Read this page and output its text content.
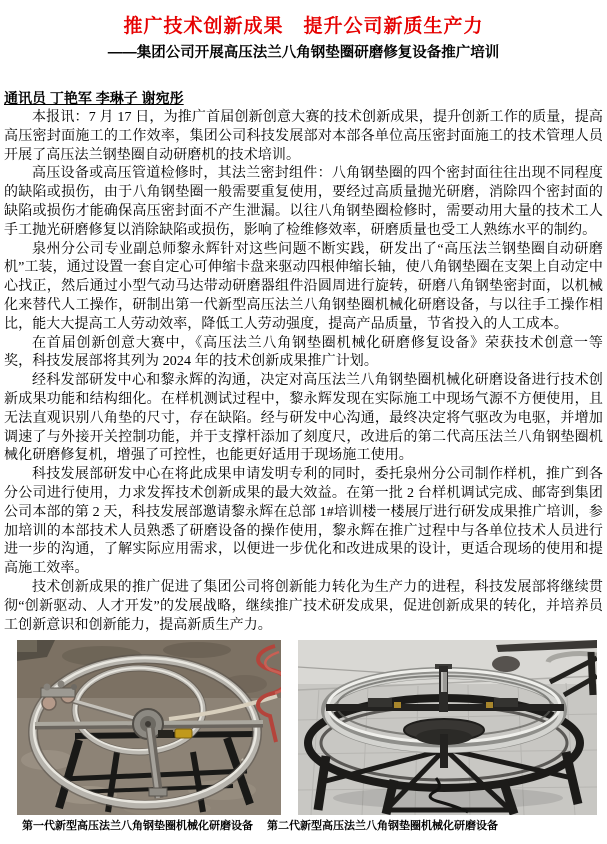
推广技术创新成果　提升公司新质生产力
——集团公司开展高压法兰八角钢垫圈研磨修复设备推广培训
通讯员 丁艳军 李琳子 谢宛彤

本报讯：7 月 17 日，为推广首届创新创意大赛的技术创新成果，提升创新工作的质量，提高高压密封面施工的工作效率，集团公司科技发展部对本部各单位高压密封面施工的技术管理人员开展了高压法兰钢垫圈自动研磨机的技术培训。

高压设备或高压管道检修时，其法兰密封组件：八角钢垫圈的四个密封面往往出现不同程度的缺陷或损伤，由于八角钢垫圈一般需要重复使用，要经过高质量抛光研磨，消除四个密封面的缺陷或损伤才能确保高压密封面不产生泄漏。以往八角钢垫圈检修时，需要动用大量的技术工人手工抛光研磨修复以消除缺陷或损伤，影响了检维修效率，研磨质量也受工人熟练水平的制约。

泉州分公司专业副总师黎永辉针对这些问题不断实践，研发出了“高压法兰钢垫圈自动研磨机”工装，通过设置一套自定心可伸缩卡盘来驱动四根伸缩长轴，使八角钢垫圈在支架上自动定中心找正，然后通过小型气动马达带动研磨器组件沿圆周进行旋转，研磨八角钢垫密封面，以机械化来替代人工操作，研制出第一代新型高压法兰八角钢垫圈机械化研磨设备，与以往手工操作相比，能大大提高工人劳动效率，降低工人劳动强度，提高产品质量，节省投入的人工成本。

在首届创新创意大赛中，《高压法兰八角钢垫圈机械化研磨修复设备》荣获技术创意一等奖，科技发展部将其列为 2024 年的技术创新成果推广计划。

经科发部研发中心和黎永辉的沟通，决定对高压法兰八角钢垫圈机械化研磨设备进行技术创新成果功能和结构细化。在样机测试过程中，黎永辉发现在实际施工中现场气源不方便使用，且无法直观识别八角垫的尺寸，存在缺陷。经与研发中心沟通，最终决定将气驱改为电驱，并增加调速了与外接开关控制功能，并于支撑杆添加了刻度尺，改进后的第二代高压法兰八角钢垫圈机械化研磨修复机，增强了可控性，也能更好适用于现场施工使用。

科技发展部研发中心在将此成果申请发明专利的同时，委托泉州分公司制作样机，推广到各分公司进行使用，力求发挥技术创新成果的最大效益。在第一批 2 台样机调试完成、邮寄到集团公司本部的第 2 天，科技发展部邀请黎永辉在总部 1#培训楼一楼展厅进行研发成果推广培训，参加培训的本部技术人员熟悉了研磨设备的操作使用，黎永辉在推广过程中与各单位技术人员进行进一步的沟通，了解实际应用需求，以便进一步优化和改进成果的设计，更适合现场的使用和提高施工效率。

技术创新成果的推广促进了集团公司将创新能力转化为生产力的进程，科技发展部将继续贯彻“创新驱动、人才开发”的发展战略，继续推广技术研发成果，促进创新成果的转化，并培养员工创新意识和创新能力，提高新质生产力。

第一代新型高压法兰八角钢垫圈机械化研磨设备	第二代新型高压法兰八角钢垫圈机械化研磨设备
